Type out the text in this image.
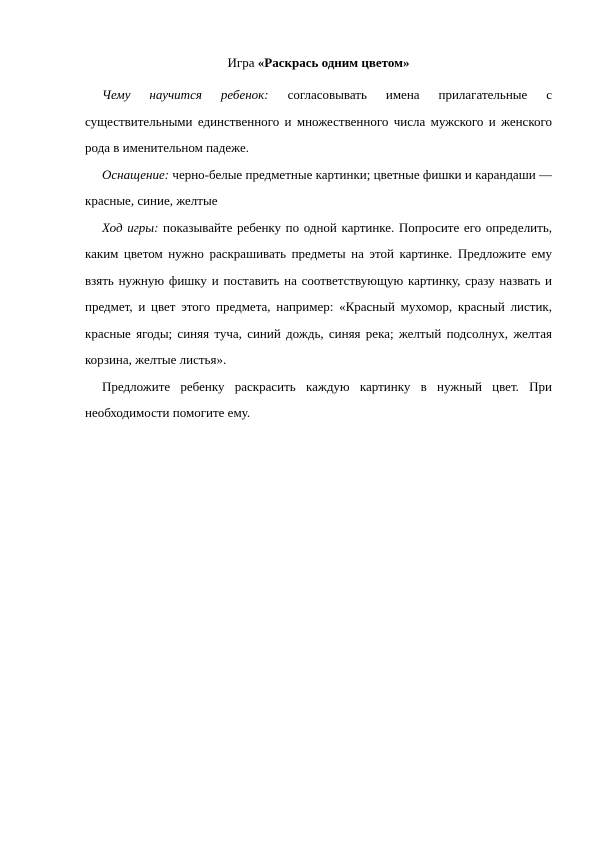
Игра «Раскрась одним цветом»

Чему научится ребенок: согласовывать имена прилагательные с существительными единственного и множественного числа мужского и женского рода в именительном падеже.

Оснащение: черно-белые предметные картинки; цветные фишки и карандаши — красные, синие, желтые

Ход игры: показывайте ребенку по одной картинке. Попросите его определить, каким цветом нужно раскрашивать предметы на этой картинке. Предложите ему взять нужную фишку и поставить на соответствующую картинку, сразу назвать и предмет, и цвет этого предмета, например: «Красный мухомор, красный листик, красные ягоды; синяя туча, синий дождь, синяя река; желтый подсолнух, желтая корзина, желтые листья».

Предложите ребенку раскрасить каждую картинку в нужный цвет. При необходимости помогите ему.
